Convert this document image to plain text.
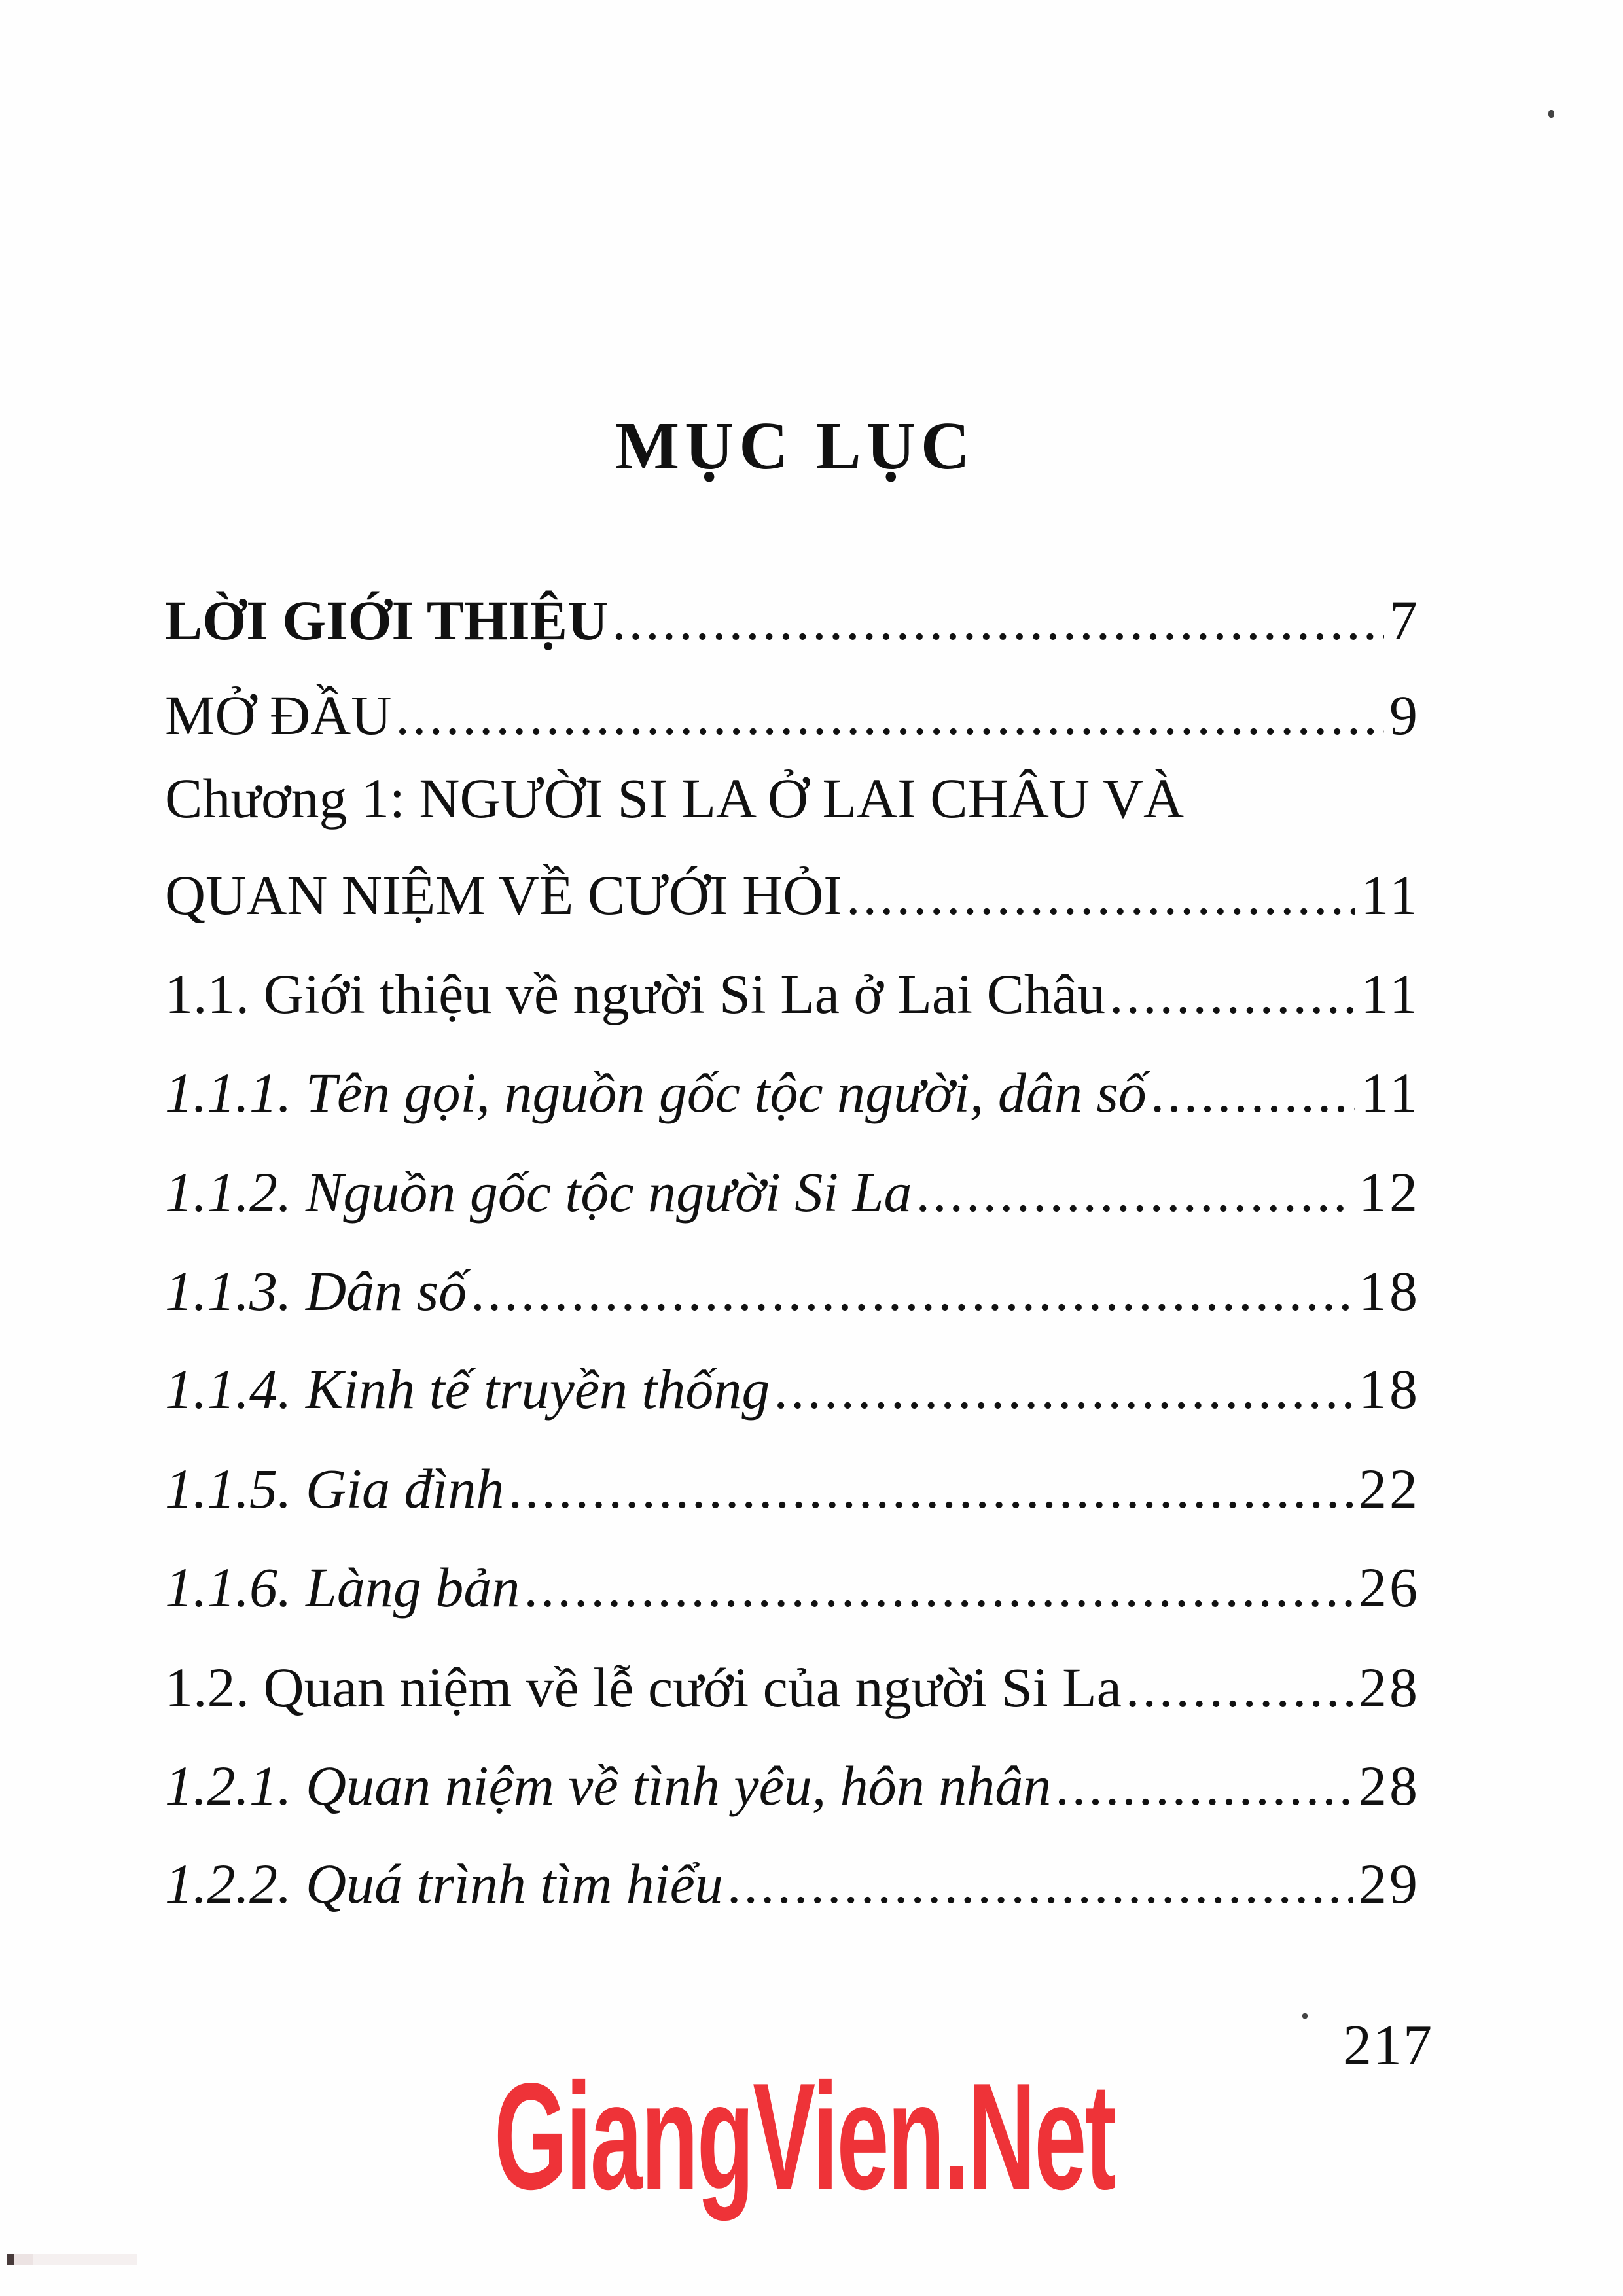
MỤC LỤC
LỜI GIỚI THIỆU .....	7
MỞ ĐẦU .....	9
Chương 1: NGƯỜI SI LA Ở LAI CHÂU VÀ
QUAN NIỆM VỀ CƯỚI HỎI .....	11
1.1. Giới thiệu về người Si La ở Lai Châu .....	11
1.1.1. Tên gọi, nguồn gốc tộc người, dân số .....	11
1.1.2. Nguồn gốc tộc người Si La .....	12
1.1.3. Dân số .....	18
1.1.4. Kinh tế truyền thống .....	18
1.1.5. Gia đình .....	22
1.1.6. Làng bản .....	26
1.2. Quan niệm về lễ cưới của người Si La .....	28
1.2.1. Quan niệm về tình yêu, hôn nhân .....	28
1.2.2. Quá trình tìm hiểu .....	29
217
GiangVien.Net
